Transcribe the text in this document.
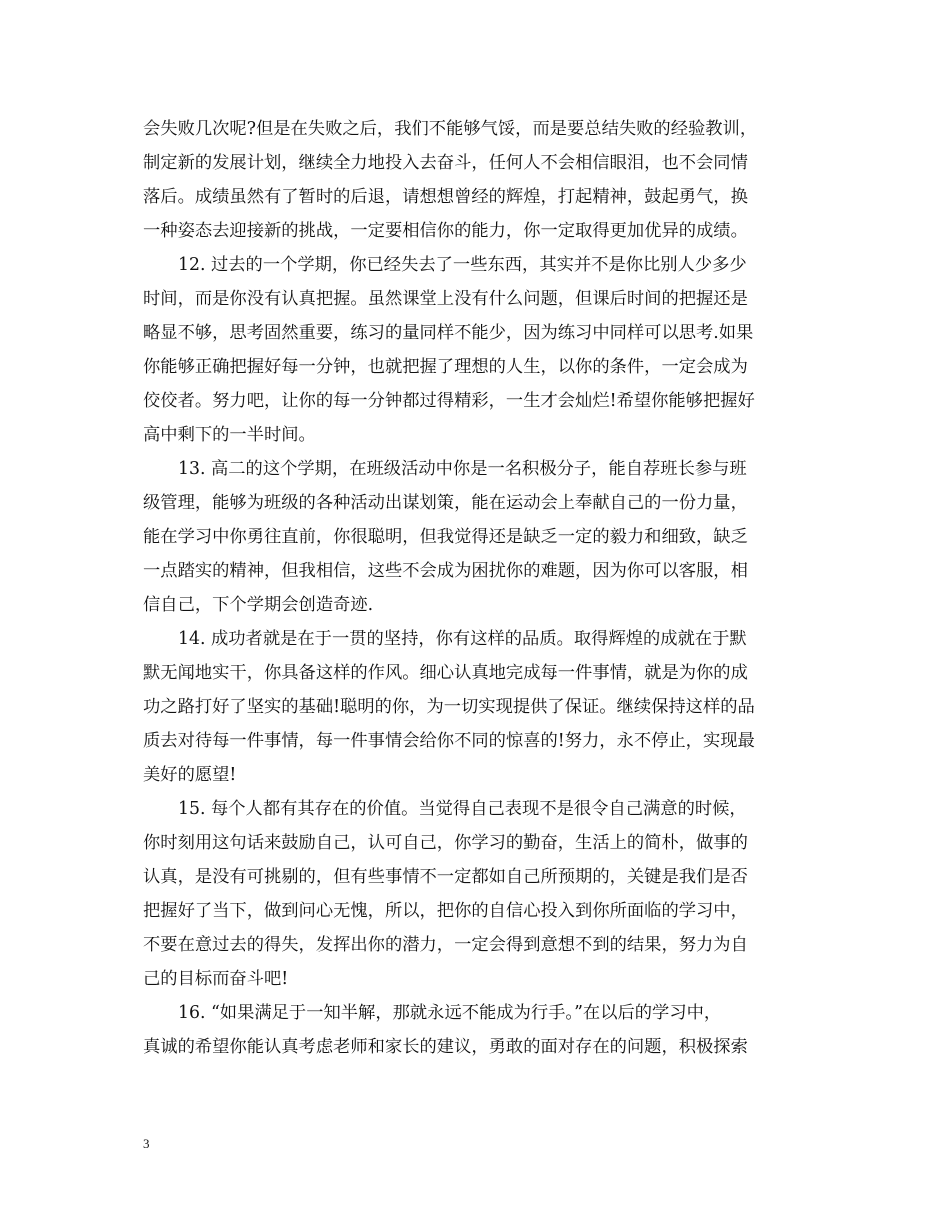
会失败几次呢?但是在失败之后，我们不能够气馁，而是要总结失败的经验教训，
制定新的发展计划，继续全力地投入去奋斗，任何人不会相信眼泪，也不会同情
落后。成绩虽然有了暂时的后退，请想想曾经的辉煌，打起精神，鼓起勇气，换
一种姿态去迎接新的挑战，一定要相信你的能力，你一定取得更加优异的成绩。
12. 过去的一个学期，你已经失去了一些东西，其实并不是你比别人少多少
时间，而是你没有认真把握。虽然课堂上没有什么问题，但课后时间的把握还是
略显不够，思考固然重要，练习的量同样不能少，因为练习中同样可以思考.如果
你能够正确把握好每一分钟，也就把握了理想的人生，以你的条件，一定会成为
佼佼者。努力吧，让你的每一分钟都过得精彩，一生才会灿烂!希望你能够把握好
高中剩下的一半时间。
13. 高二的这个学期，在班级活动中你是一名积极分子，能自荐班长参与班
级管理，能够为班级的各种活动出谋划策，能在运动会上奉献自己的一份力量，
能在学习中你勇往直前，你很聪明，但我觉得还是缺乏一定的毅力和细致，缺乏
一点踏实的精神，但我相信，这些不会成为困扰你的难题，因为你可以客服，相
信自己，下个学期会创造奇迹.
14. 成功者就是在于一贯的坚持，你有这样的品质。取得辉煌的成就在于默
默无闻地实干，你具备这样的作风。细心认真地完成每一件事情，就是为你的成
功之路打好了坚实的基础!聪明的你，为一切实现提供了保证。继续保持这样的品
质去对待每一件事情，每一件事情会给你不同的惊喜的!努力，永不停止，实现最
美好的愿望!
15. 每个人都有其存在的价值。当觉得自己表现不是很令自己满意的时候，
你时刻用这句话来鼓励自己，认可自己，你学习的勤奋，生活上的简朴，做事的
认真，是没有可挑剔的，但有些事情不一定都如自己所预期的，关键是我们是否
把握好了当下，做到问心无愧，所以，把你的自信心投入到你所面临的学习中，
不要在意过去的得失，发挥出你的潜力，一定会得到意想不到的结果，努力为自
己的目标而奋斗吧!
16. “如果满足于一知半解，那就永远不能成为行手。”在以后的学习中，
真诚的希望你能认真考虑老师和家长的建议，勇敢的面对存在的问题，积极探索
3
